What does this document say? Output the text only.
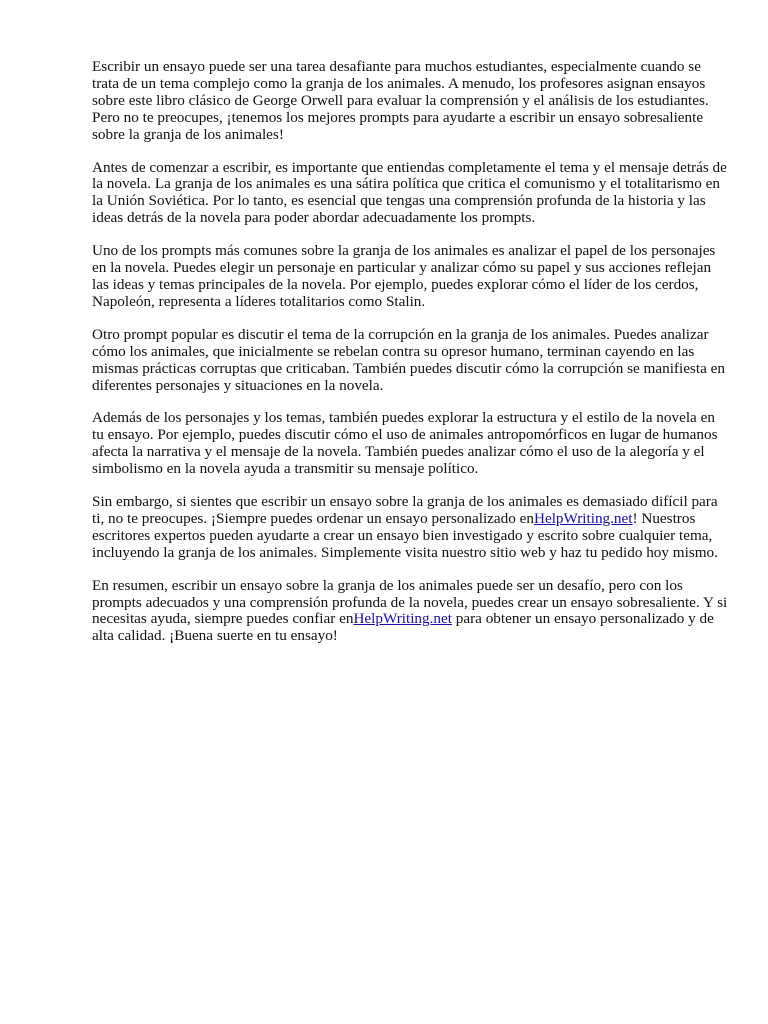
Escribir un ensayo puede ser una tarea desafiante para muchos estudiantes, especialmente cuando se trata de un tema complejo como la granja de los animales. A menudo, los profesores asignan ensayos sobre este libro clásico de George Orwell para evaluar la comprensión y el análisis de los estudiantes. Pero no te preocupes, ¡tenemos los mejores prompts para ayudarte a escribir un ensayo sobresaliente sobre la granja de los animales!

Antes de comenzar a escribir, es importante que entiendas completamente el tema y el mensaje detrás de la novela. La granja de los animales es una sátira política que critica el comunismo y el totalitarismo en la Unión Soviética. Por lo tanto, es esencial que tengas una comprensión profunda de la historia y las ideas detrás de la novela para poder abordar adecuadamente los prompts.

Uno de los prompts más comunes sobre la granja de los animales es analizar el papel de los personajes en la novela. Puedes elegir un personaje en particular y analizar cómo su papel y sus acciones reflejan las ideas y temas principales de la novela. Por ejemplo, puedes explorar cómo el líder de los cerdos, Napoleón, representa a líderes totalitarios como Stalin.

Otro prompt popular es discutir el tema de la corrupción en la granja de los animales. Puedes analizar cómo los animales, que inicialmente se rebelan contra su opresor humano, terminan cayendo en las mismas prácticas corruptas que criticaban. También puedes discutir cómo la corrupción se manifiesta en diferentes personajes y situaciones en la novela.

Además de los personajes y los temas, también puedes explorar la estructura y el estilo de la novela en tu ensayo. Por ejemplo, puedes discutir cómo el uso de animales antropomórficos en lugar de humanos afecta la narrativa y el mensaje de la novela. También puedes analizar cómo el uso de la alegoría y el simbolismo en la novela ayuda a transmitir su mensaje político.

Sin embargo, si sientes que escribir un ensayo sobre la granja de los animales es demasiado difícil para ti, no te preocupes. ¡Siempre puedes ordenar un ensayo personalizado enHelpWriting.net! Nuestros escritores expertos pueden ayudarte a crear un ensayo bien investigado y escrito sobre cualquier tema, incluyendo la granja de los animales. Simplemente visita nuestro sitio web y haz tu pedido hoy mismo.

En resumen, escribir un ensayo sobre la granja de los animales puede ser un desafío, pero con los prompts adecuados y una comprensión profunda de la novela, puedes crear un ensayo sobresaliente. Y si necesitas ayuda, siempre puedes confiar enHelpWriting.net para obtener un ensayo personalizado y de alta calidad. ¡Buena suerte en tu ensayo!
